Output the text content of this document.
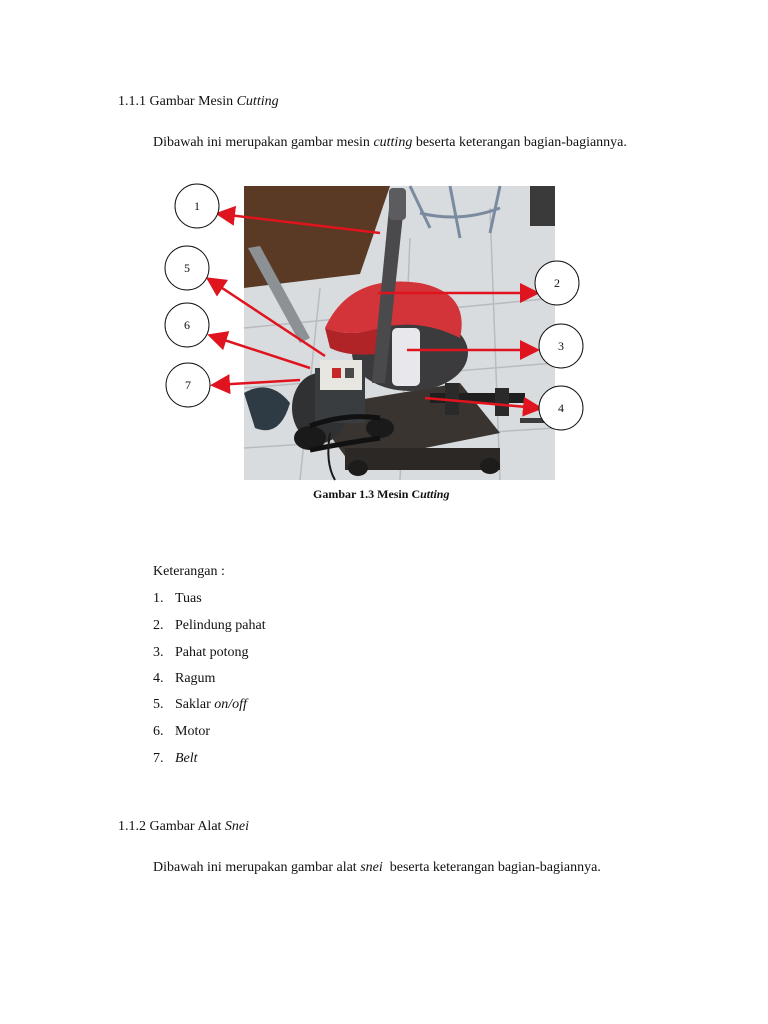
1.1.1 Gambar Mesin Cutting
Dibawah ini merupakan gambar mesin cutting beserta keterangan bagian-bagiannya.
1
2
3
4
5
6
7
Gambar 1.3 Mesin Cutting
Keterangan :
1. Tuas
2. Pelindung pahat
3. Pahat potong
4. Ragum
5. Saklar on/off
6. Motor
7. Belt
1.1.2 Gambar Alat Snei
Dibawah ini merupakan gambar alat snei beserta keterangan bagian-bagiannya.
